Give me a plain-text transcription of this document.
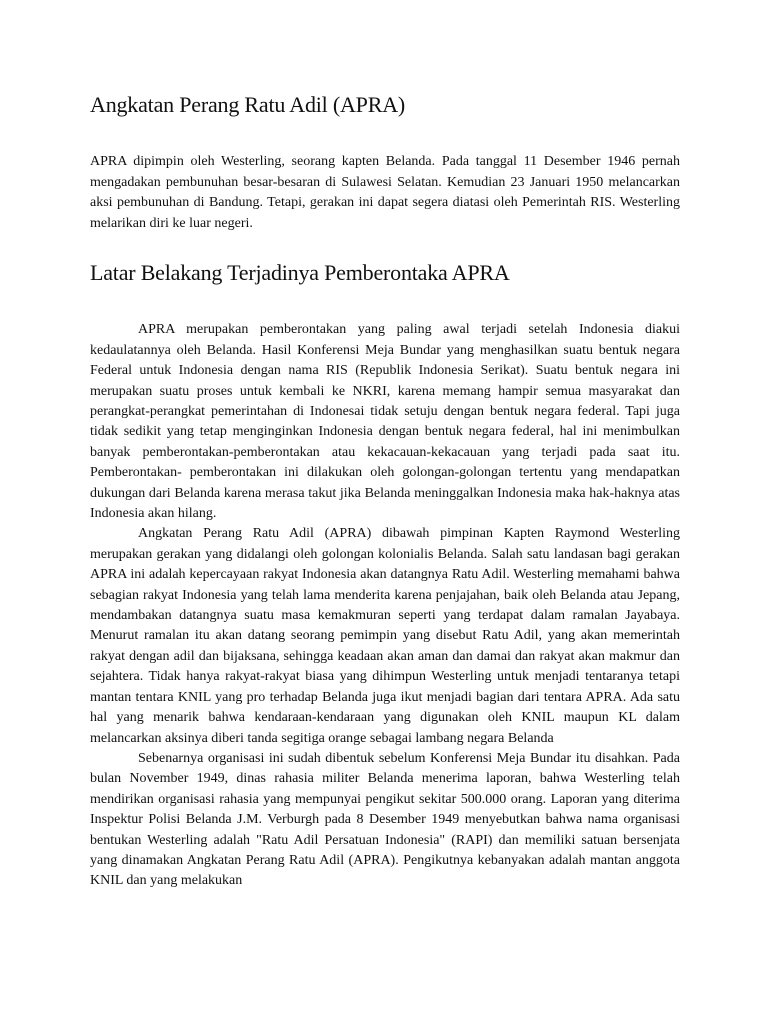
Angkatan Perang Ratu Adil (APRA)

APRA dipimpin oleh Westerling, seorang kapten Belanda. Pada tanggal 11 Desember 1946 pernah mengadakan pembunuhan besar-besaran di Sulawesi Selatan. Kemudian 23 Januari 1950 melancarkan aksi pembunuhan di Bandung. Tetapi, gerakan ini dapat segera diatasi oleh Pemerintah RIS. Westerling melarikan diri ke luar negeri.

Latar Belakang Terjadinya Pemberontaka APRA

APRA merupakan pemberontakan yang paling awal terjadi setelah Indonesia diakui kedaulatannya oleh Belanda. Hasil Konferensi Meja Bundar yang menghasilkan suatu bentuk negara Federal untuk Indonesia dengan nama RIS (Republik Indonesia Serikat). Suatu bentuk negara ini merupakan suatu proses untuk kembali ke NKRI, karena memang hampir semua masyarakat dan perangkat-perangkat pemerintahan di Indonesai tidak setuju dengan bentuk negara federal. Tapi juga tidak sedikit yang tetap menginginkan Indonesia dengan bentuk negara federal, hal ini menimbulkan banyak pemberontakan-pemberontakan atau kekacauan-kekacauan yang terjadi pada saat itu. Pemberontakan- pemberontakan ini dilakukan oleh golongan-golongan tertentu yang mendapatkan dukungan dari Belanda karena merasa takut jika Belanda meninggalkan Indonesia maka hak-haknya atas Indonesia akan hilang.

Angkatan Perang Ratu Adil (APRA) dibawah pimpinan Kapten Raymond Westerling merupakan gerakan yang didalangi oleh golongan kolonialis Belanda. Salah satu landasan bagi gerakan APRA ini adalah kepercayaan rakyat Indonesia akan datangnya Ratu Adil. Westerling memahami bahwa sebagian rakyat Indonesia yang telah lama menderita karena penjajahan, baik oleh Belanda atau Jepang, mendambakan datangnya suatu masa kemakmuran seperti yang terdapat dalam ramalan Jayabaya. Menurut ramalan itu akan datang seorang pemimpin yang disebut Ratu Adil, yang akan memerintah rakyat dengan adil dan bijaksana, sehingga keadaan akan aman dan damai dan rakyat akan makmur dan sejahtera. Tidak hanya rakyat-rakyat biasa yang dihimpun Westerling untuk menjadi tentaranya tetapi mantan tentara KNIL yang pro terhadap Belanda juga ikut menjadi bagian dari tentara APRA. Ada satu hal yang menarik bahwa kendaraan-kendaraan yang digunakan oleh KNIL maupun KL dalam melancarkan aksinya diberi tanda segitiga orange sebagai lambang negara Belanda

Sebenarnya organisasi ini sudah dibentuk sebelum Konferensi Meja Bundar itu disahkan. Pada bulan November 1949, dinas rahasia militer Belanda menerima laporan, bahwa Westerling telah mendirikan organisasi rahasia yang mempunyai pengikut sekitar 500.000 orang. Laporan yang diterima Inspektur Polisi Belanda J.M. Verburgh pada 8 Desember 1949 menyebutkan bahwa nama organisasi bentukan Westerling adalah "Ratu Adil Persatuan Indonesia" (RAPI) dan memiliki satuan bersenjata yang dinamakan Angkatan Perang Ratu Adil (APRA). Pengikutnya kebanyakan adalah mantan anggota KNIL dan yang melakukan
